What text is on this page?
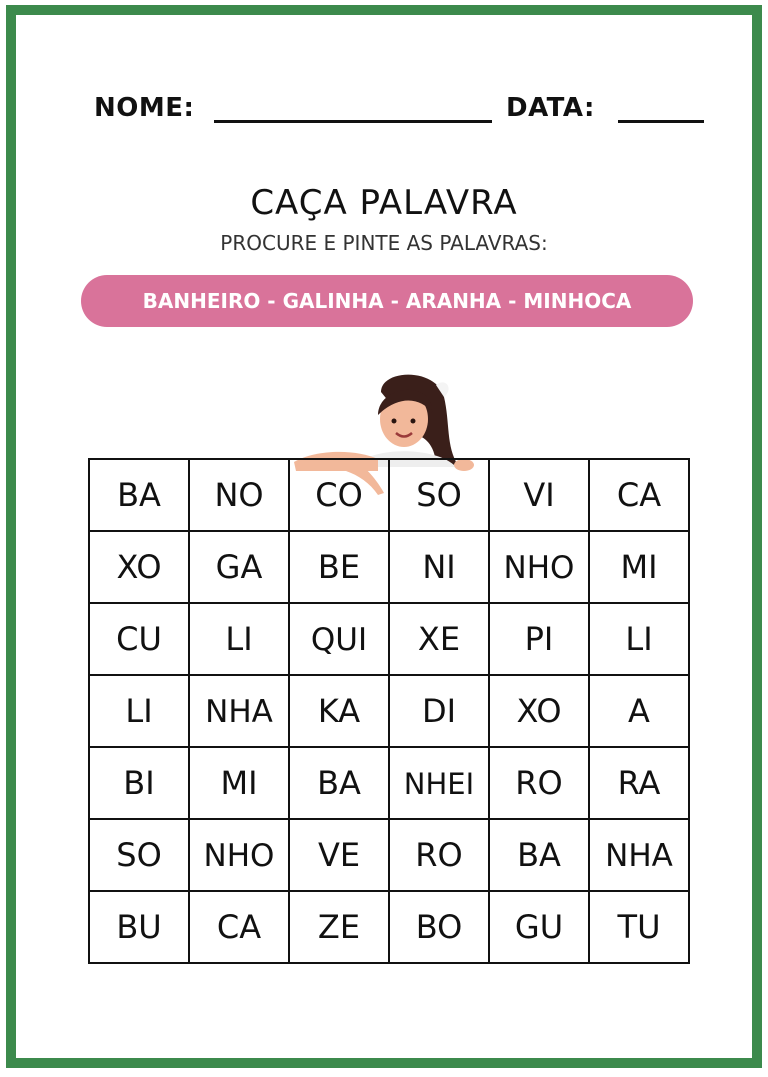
NOME:	DATA:
CAÇA PALAVRA
PROCURE E PINTE AS PALAVRAS:
BANHEIRO - GALINHA - ARANHA - MINHOCA
BA	NO	CO	SO	VI	CA
XO	GA	BE	NI	NHO	MI
CU	LI	QUI	XE	PI	LI
LI	NHA	KA	DI	XO	A
BI	MI	BA	NHEI	RO	RA
SO	NHO	VE	RO	BA	NHA
BU	CA	ZE	BO	GU	TU
